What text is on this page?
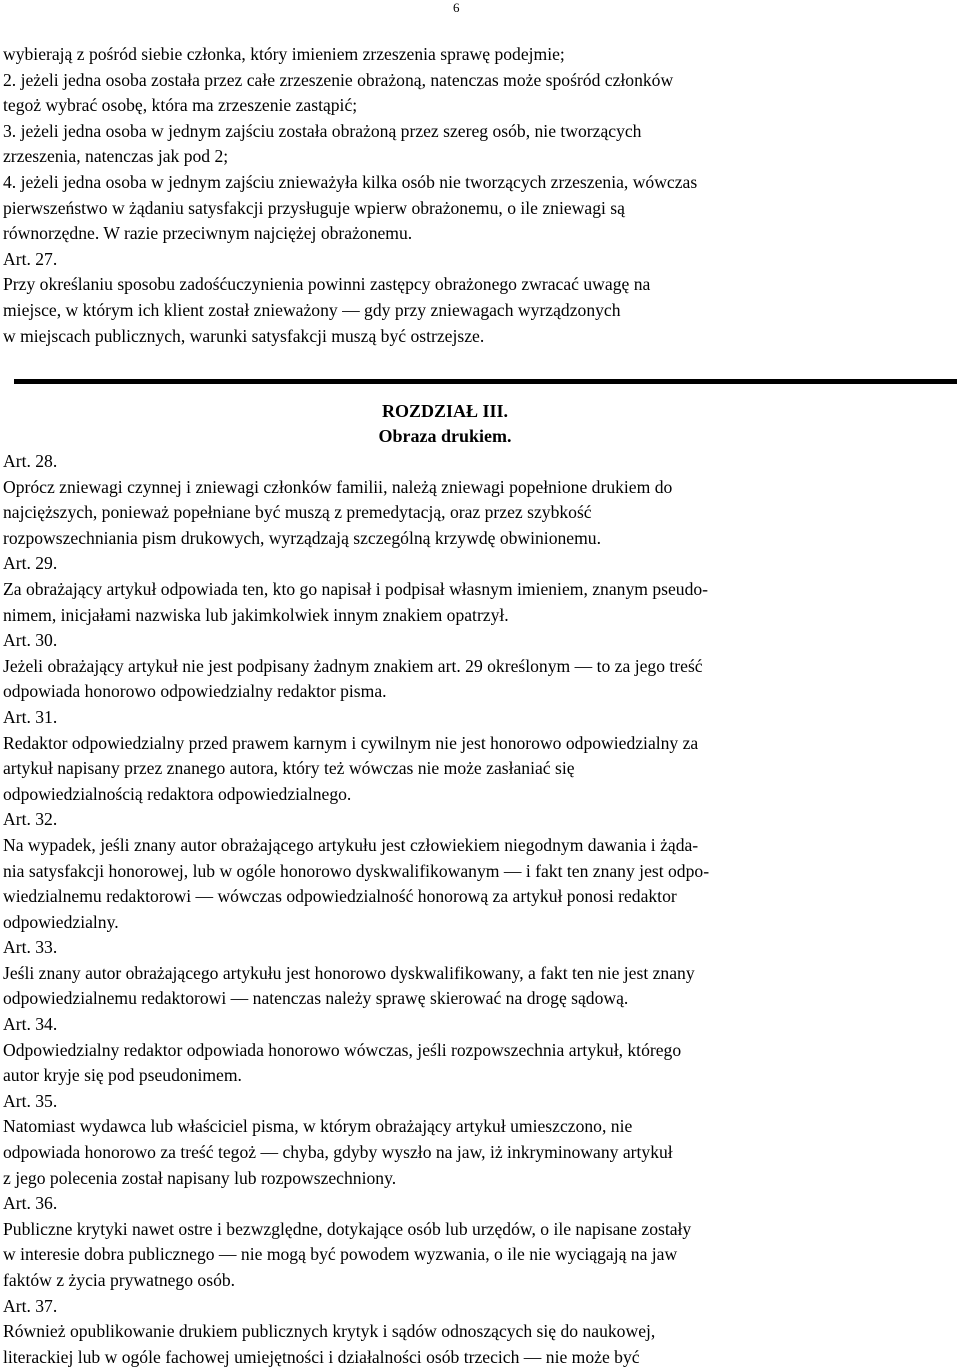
6
wybierają z pośród siebie członka, który imieniem zrzeszenia sprawę podejmie;
2. jeżeli jedna osoba została przez całe zrzeszenie obrażoną, natenczas może spośród członków
tegoż wybrać osobę, która ma zrzeszenie zastąpić;
3. jeżeli jedna osoba w jednym zajściu została obrażoną przez szereg osób, nie tworzących
zrzeszenia, natenczas jak pod 2;
4. jeżeli jedna osoba w jednym zajściu znieważyła kilka osób nie tworzących zrzeszenia, wówczas
pierwszeństwo w żądaniu satysfakcji przysługuje wpierw obrażonemu, o ile zniewagi są
równorzędne. W razie przeciwnym najciężej obrażonemu.
Art. 27.
Przy określaniu sposobu zadośćuczynienia powinni zastępcy obrażonego zwracać uwagę na
miejsce, w którym ich klient został znieważony — gdy przy zniewagach wyrządzonych
w miejscach publicznych, warunki satysfakcji muszą być ostrzejsze.
ROZDZIAŁ III.
Obraza drukiem.
Art. 28.
Oprócz zniewagi czynnej i zniewagi członków familii, należą zniewagi popełnione drukiem do
najcięższych, ponieważ popełniane być muszą z premedytacją, oraz przez szybkość
rozpowszechniania pism drukowych, wyrządzają szczególną krzywdę obwinionemu.
Art. 29.
Za obrażający artykuł odpowiada ten, kto go napisał i podpisał własnym imieniem, znanym pseudo-
nimem, inicjałami nazwiska lub jakimkolwiek innym znakiem opatrzył.
Art. 30.
Jeżeli obrażający artykuł nie jest podpisany żadnym znakiem art. 29 określonym — to za jego treść
odpowiada honorowo odpowiedzialny redaktor pisma.
Art. 31.
Redaktor odpowiedzialny przed prawem karnym i cywilnym nie jest honorowo odpowiedzialny za
artykuł napisany przez znanego autora, który też wówczas nie może zasłaniać się
odpowiedzialnością redaktora odpowiedzialnego.
Art. 32.
Na wypadek, jeśli znany autor obrażającego artykułu jest człowiekiem niegodnym dawania i żąda-
nia satysfakcji honorowej, lub w ogóle honorowo dyskwalifikowanym — i fakt ten znany jest odpo-
wiedzialnemu redaktorowi — wówczas odpowiedzialność honorową za artykuł ponosi redaktor
odpowiedzialny.
Art. 33.
Jeśli znany autor obrażającego artykułu jest honorowo dyskwalifikowany, a fakt ten nie jest znany
odpowiedzialnemu redaktorowi — natenczas należy sprawę skierować na drogę sądową.
Art. 34.
Odpowiedzialny redaktor odpowiada honorowo wówczas, jeśli rozpowszechnia artykuł, którego
autor kryje się pod pseudonimem.
Art. 35.
Natomiast wydawca lub właściciel pisma, w którym obrażający artykuł umieszczono, nie
odpowiada honorowo za treść tegoż — chyba, gdyby wyszło na jaw, iż inkryminowany artykuł
z jego polecenia został napisany lub rozpowszechniony.
Art. 36.
Publiczne krytyki nawet ostre i bezwzględne, dotykające osób lub urzędów, o ile napisane zostały
w interesie dobra publicznego — nie mogą być powodem wyzwania, o ile nie wyciągają na jaw
faktów z życia prywatnego osób.
Art. 37.
Również opublikowanie drukiem publicznych krytyk i sądów odnoszących się do naukowej,
literackiej lub w ogóle fachowej umiejętności i działalności osób trzecich — nie może być
